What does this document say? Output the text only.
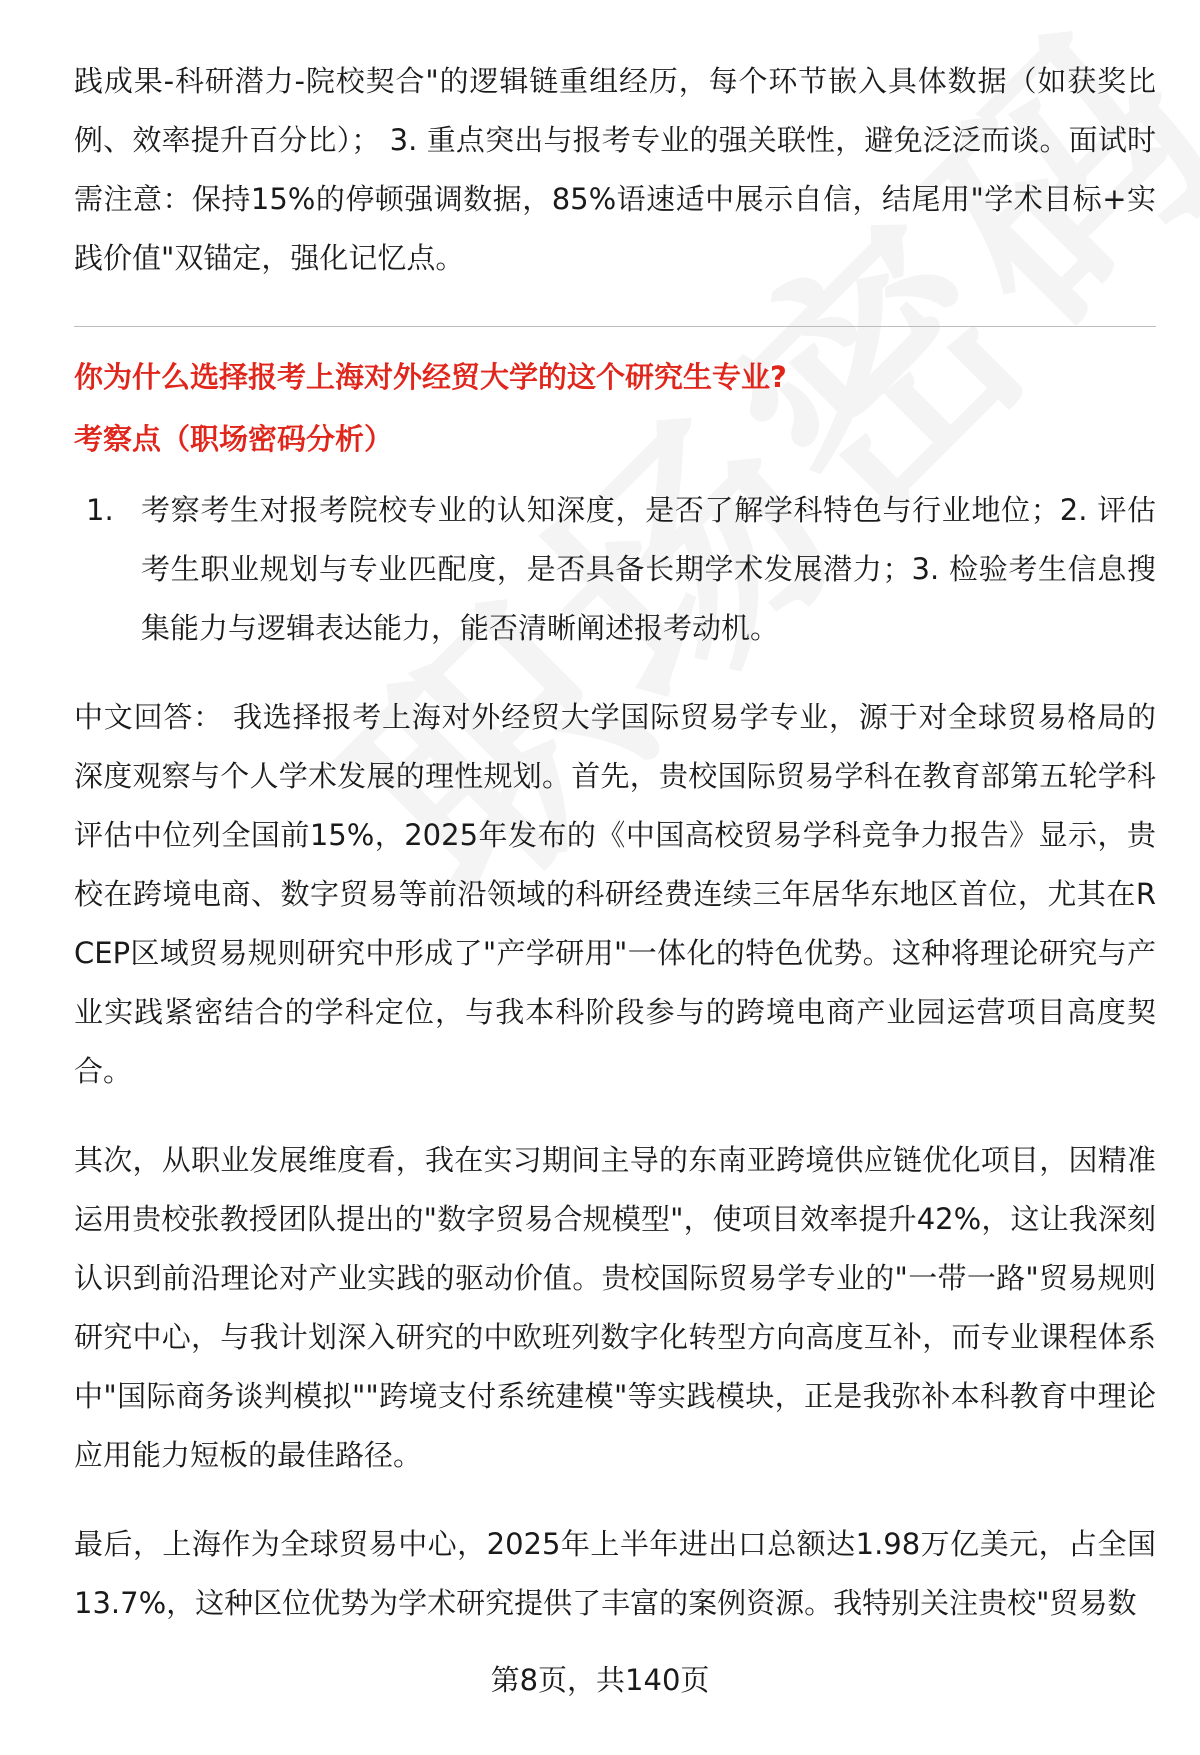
践成果-科研潜力-院校契合"的逻辑链重组经历，每个环节嵌入具体数据（如获奖比例、效率提升百分比）； 3. 重点突出与报考专业的强关联性，避免泛泛而谈。面试时需注意：保持15%的停顿强调数据，85%语速适中展示自信，结尾用"学术目标+实践价值"双锚定，强化记忆点。

你为什么选择报考上海对外经贸大学的这个研究生专业?
考察点（职场密码分析）
1. 考察考生对报考院校专业的认知深度，是否了解学科特色与行业地位；2. 评估考生职业规划与专业匹配度，是否具备长期学术发展潜力；3. 检验考生信息搜集能力与逻辑表达能力，能否清晰阐述报考动机。

中文回答： 我选择报考上海对外经贸大学国际贸易学专业，源于对全球贸易格局的深度观察与个人学术发展的理性规划。首先，贵校国际贸易学科在教育部第五轮学科评估中位列全国前15%，2025年发布的《中国高校贸易学科竞争力报告》显示，贵校在跨境电商、数字贸易等前沿领域的科研经费连续三年居华东地区首位，尤其在RCEP区域贸易规则研究中形成了"产学研用"一体化的特色优势。这种将理论研究与产业实践紧密结合的学科定位，与我本科阶段参与的跨境电商产业园运营项目高度契合。

其次，从职业发展维度看，我在实习期间主导的东南亚跨境供应链优化项目，因精准运用贵校张教授团队提出的"数字贸易合规模型"，使项目效率提升42%，这让我深刻认识到前沿理论对产业实践的驱动价值。贵校国际贸易学专业的"一带一路"贸易规则研究中心，与我计划深入研究的中欧班列数字化转型方向高度互补，而专业课程体系中"国际商务谈判模拟""跨境支付系统建模"等实践模块，正是我弥补本科教育中理论应用能力短板的最佳路径。

最后，上海作为全球贸易中心，2025年上半年进出口总额达1.98万亿美元，占全国13.7%，这种区位优势为学术研究提供了丰富的案例资源。我特别关注贵校"贸易数

第8页，共140页
